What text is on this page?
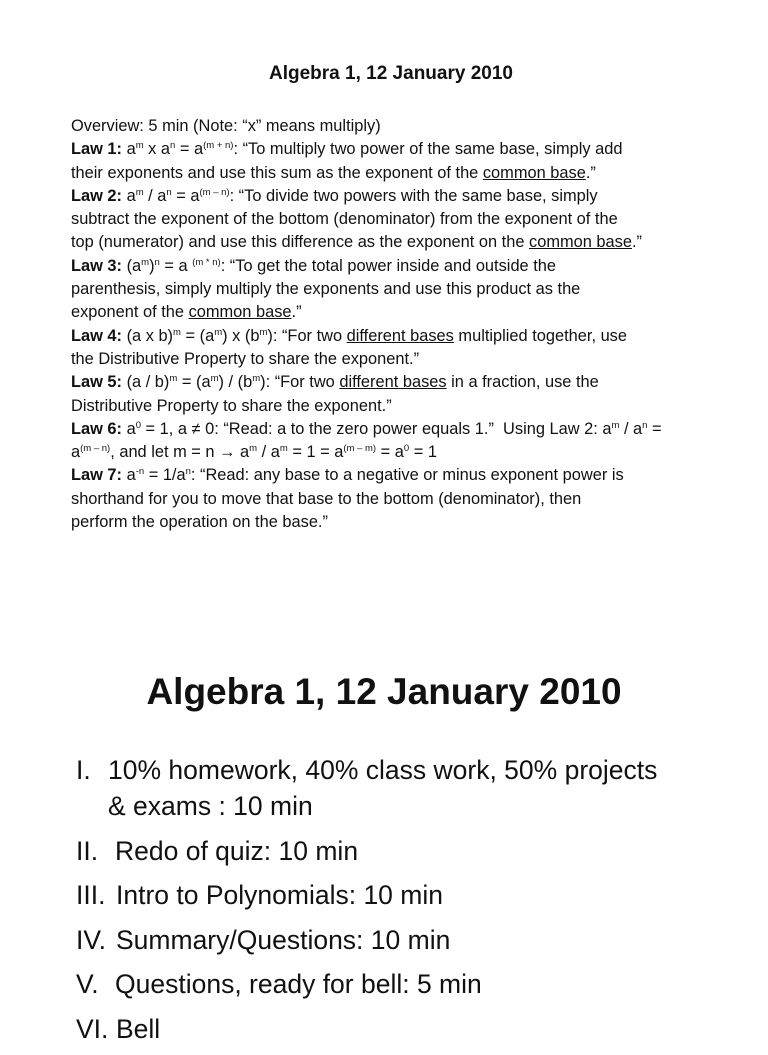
Algebra 1, 12 January 2010
Overview: 5 min (Note: “x” means multiply)
Law 1: $a^m$ x $a^n = a^{(m + n)}$: “To multiply two power of the same base, simply add
their exponents and use this sum as the exponent of the common base.”
Law 2: $a^m / a^n = a^{(m - n)}$: “To divide two powers with the same base, simply
subtract the exponent of the bottom (denominator) from the exponent of the
top (numerator) and use this difference as the exponent on the common base.”
Law 3: $(a^m)^n = a$ $^{(m * n)}$: “To get the total power inside and outside the
parenthesis, simply multiply the exponents and use this product as the
exponent of the common base.”
Law 4: (a x $b)^m = (a^m)$ x $(b^m)$: “For two different bases multiplied together, use
the Distributive Property to share the exponent.”
Law 5: $(a / b)^m = (a^m) / (b^m)$: “For two different bases in a fraction, use the
Distributive Property to share the exponent.”
Law 6: $a^0 = 1$, a ≠ 0: “Read: a to the zero power equals 1.”  Using Law 2: $a^m / a^n$ =
$a^{(m - n)}$, and let $m = n \to a^m / a^m = 1 = a^{(m - m)} = a^0 = 1$
Law 7: $a^{-n} = 1/a^n$: “Read: any base to a negative or minus exponent power is
shorthand for you to move that base to the bottom (denominator), then
perform the operation on the base.”
Algebra 1, 12 January 2010
I. 10% homework, 40% class work, 50% projects
& exams : 10 min
II. Redo of quiz: 10 min
III. Intro to Polynomials: 10 min
IV. Summary/Questions: 10 min
V. Questions, ready for bell: 5 min
VI. Bell
